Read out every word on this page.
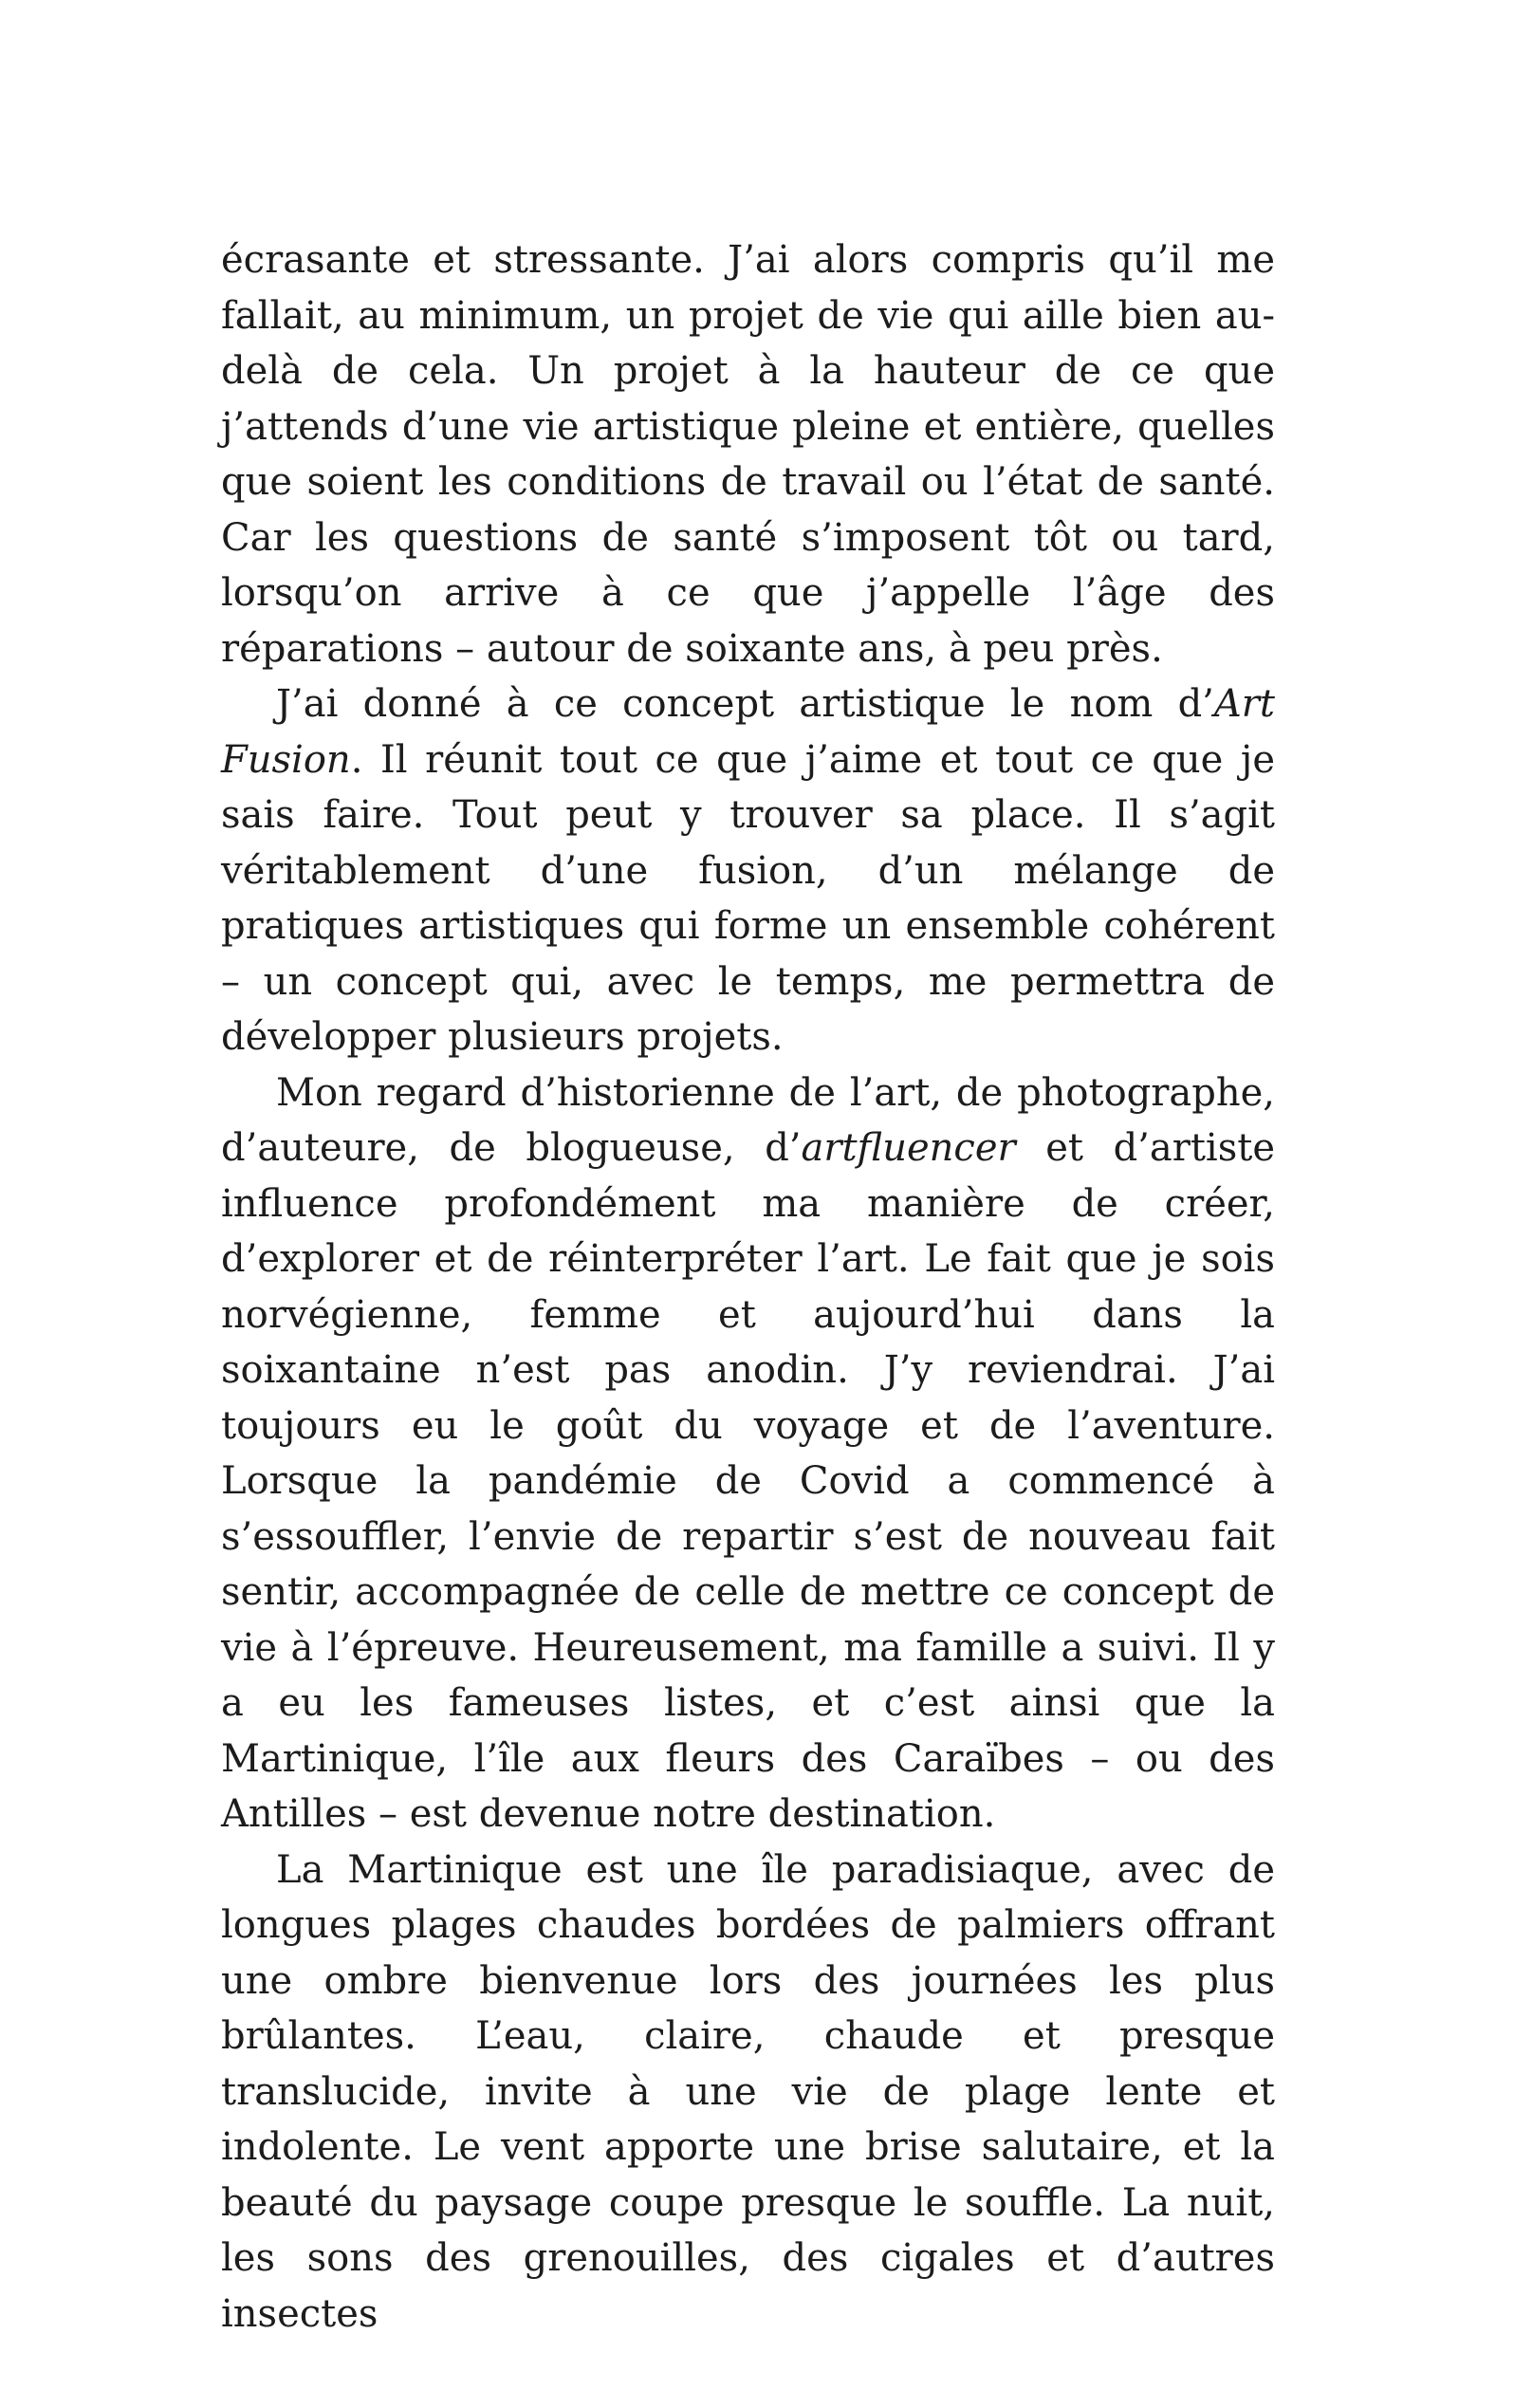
écrasante et stressante. J’ai alors compris qu’il me fallait, au minimum, un projet de vie qui aille bien au-delà de cela. Un projet à la hauteur de ce que j’attends d’une vie artistique pleine et entière, quelles que soient les conditions de travail ou l’état de santé. Car les questions de santé s’imposent tôt ou tard, lorsqu’on arrive à ce que j’appelle l’âge des réparations – autour de soixante ans, à peu près.

J’ai donné à ce concept artistique le nom d’Art Fusion. Il réunit tout ce que j’aime et tout ce que je sais faire. Tout peut y trouver sa place. Il s’agit véritablement d’une fusion, d’un mélange de pratiques artistiques qui forme un ensemble cohérent – un concept qui, avec le temps, me permettra de développer plusieurs projets.

Mon regard d’historienne de l’art, de photographe, d’auteure, de blogueuse, d’artfluencer et d’artiste influence profondément ma manière de créer, d’explorer et de réinterpréter l’art. Le fait que je sois norvégienne, femme et aujourd’hui dans la soixantaine n’est pas anodin. J’y reviendrai. J’ai toujours eu le goût du voyage et de l’aventure. Lorsque la pandémie de Covid a commencé à s’essouffler, l’envie de repartir s’est de nouveau fait sentir, accompagnée de celle de mettre ce concept de vie à l’épreuve. Heureusement, ma famille a suivi. Il y a eu les fameuses listes, et c’est ainsi que la Martinique, l’île aux fleurs des Caraïbes – ou des Antilles – est devenue notre destination.

La Martinique est une île paradisiaque, avec de longues plages chaudes bordées de palmiers offrant une ombre bienvenue lors des journées les plus brûlantes. L’eau, claire, chaude et presque translucide, invite à une vie de plage lente et indolente. Le vent apporte une brise salutaire, et la beauté du paysage coupe presque le souffle. La nuit, les sons des grenouilles, des cigales et d’autres insectes
